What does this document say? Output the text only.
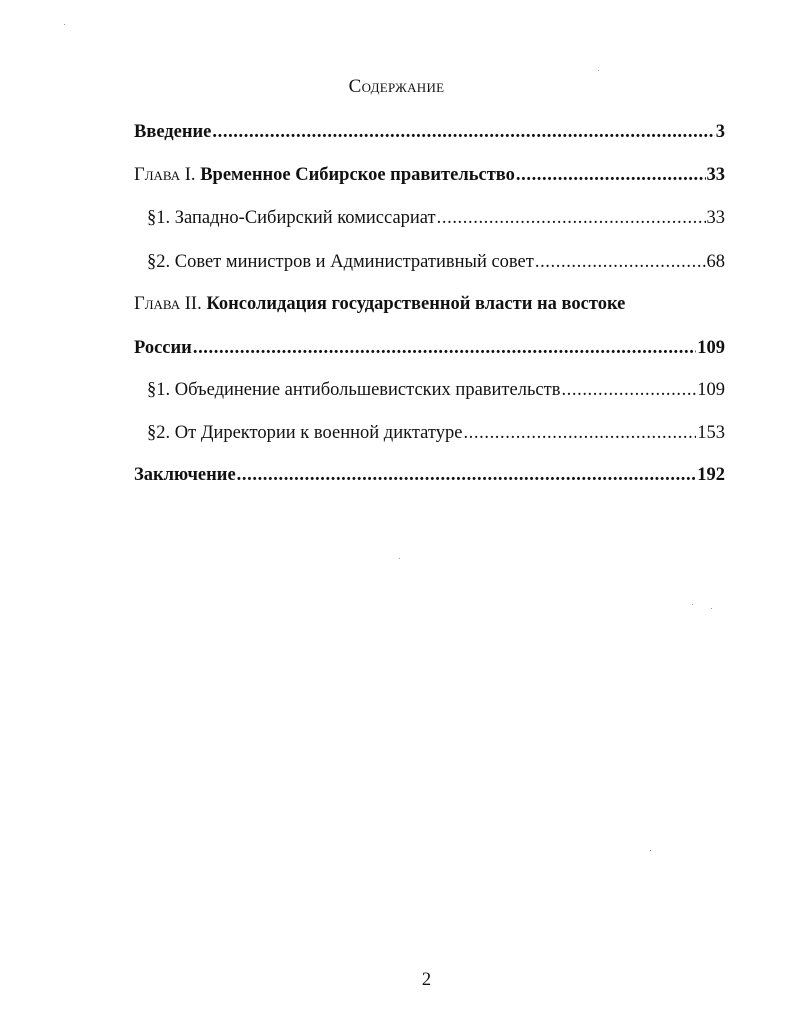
Содержание
Введение .....	3
Глава I.
Временное Сибирское правительство .....	33
§1. Западно-Сибирский комиссариат .....	33
§2. Совет министров и Административный совет .....	68
Глава II.
Консолидация государственной власти на востоке
России .....	109
§1. Объединение антибольшевистских правительств .....	109
§2. От Директории к военной диктатуре .....	153
Заключение .....	192
2
